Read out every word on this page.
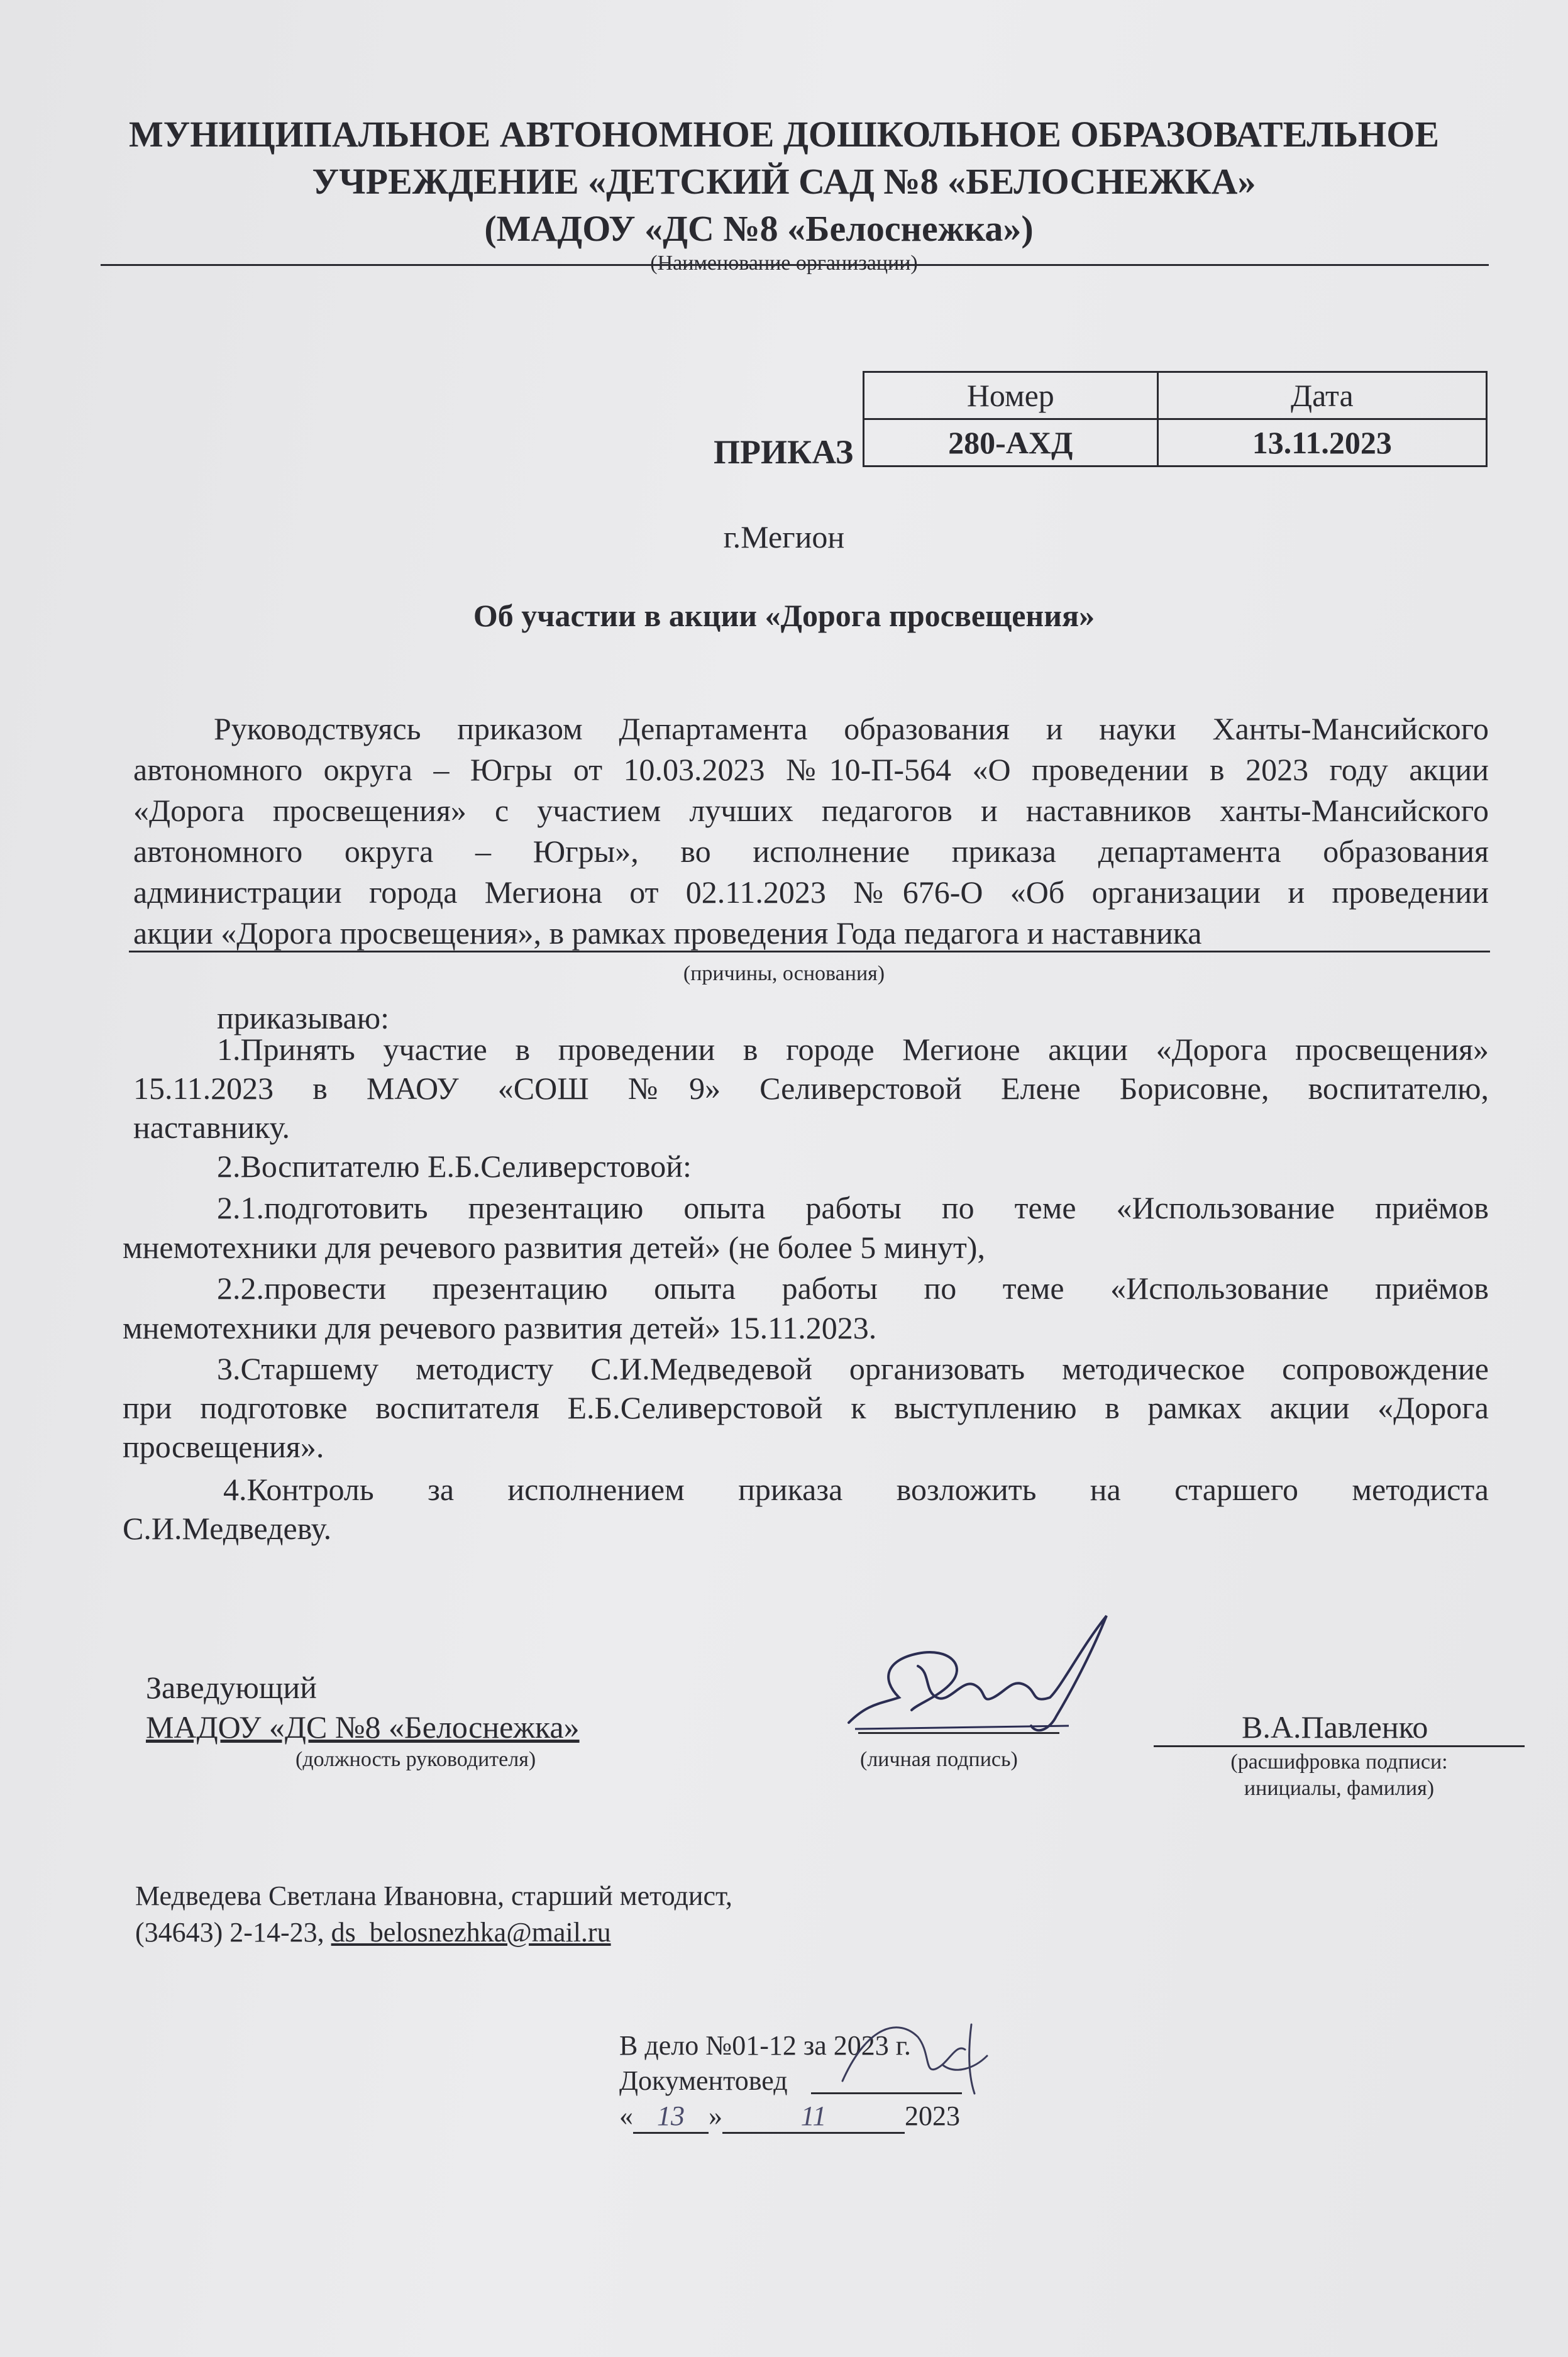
МУНИЦИПАЛЬНОЕ АВТОНОМНОЕ ДОШКОЛЬНОЕ ОБРАЗОВАТЕЛЬНОЕ
УЧРЕЖДЕНИЕ «ДЕТСКИЙ САД №8 «БЕЛОСНЕЖКА»
(МАДОУ «ДС №8 «Белоснежка»)
(Наименование организации)
ПРИКАЗ
Номер	Дата
280-АХД	13.11.2023
г.Мегион
Об участии в акции «Дорога просвещения»
Руководствуясь приказом Департамента образования и науки Ханты-Мансийского
автономного округа – Югры от 10.03.2023 №10-П-564 «О проведении в 2023 году акции
«Дорога просвещения» с участием лучших педагогов и наставников ханты-Мансийского
автономного округа – Югры», во исполнение приказа департамента образования
администрации города Мегиона от 02.11.2023 №676-О «Об организации и проведении
акции «Дорога просвещения», в рамках проведения Года педагога и наставника
(причины, основания)
приказываю:
1.Принять участие в проведении в городе Мегионе акции «Дорога просвещения»
15.11.2023 в МАОУ «СОШ №9» Селиверстовой Елене Борисовне, воспитателю,
наставнику.
2.Воспитателю Е.Б.Селиверстовой:
2.1.подготовить презентацию опыта работы по теме «Использование приёмов
мнемотехники для речевого развития детей» (не более 5 минут),
2.2.провести презентацию опыта работы по теме «Использование приёмов
мнемотехники для речевого развития детей» 15.11.2023.
3.Старшему методисту С.И.Медведевой организовать методическое сопровождение
при подготовке воспитателя Е.Б.Селиверстовой к выступлению в рамках акции «Дорога
просвещения».
4.Контроль за исполнением приказа возложить на старшего методиста
С.И.Медведеву.
Заведующий
МАДОУ «ДС №8 «Белоснежка»
(должность руководителя)	(личная подпись)
В.А.Павленко
(расшифровка подписи:
инициалы, фамилия)
Медведева Светлана Ивановна, старший методист,
(34643) 2-14-23, ds_belosnezhka@mail.ru
В дело №01-12 за 2023 г.
Документовед
« 13 »	11	2023
